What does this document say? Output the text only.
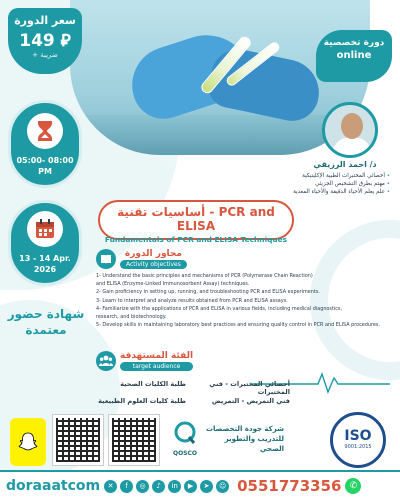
سعر الدورة
149 ⃁
+ ضريبة
05:00- 08:00 PM
13 - 14 Apr. 2026
شهادة حضور معتمدة
دورة تخصصية
online
د/ احمد الرزيقي
• أخصائي المختبرات الطبية الإكلينيكية
• مهتم بطرق التشخيص الجزيئي
• علم يعلم الأحياء الدقيقة والأحياء المعدية
أساسيات تقنية - PCR and ELISA
Fundamentals of PCR and ELISA Techniques
محاور الدورة
Activity objectives
1- Understand the basic principles and mechanisms of PCR (Polymerase Chain Reaction)
and ELISA (Enzyme-Linked Immunosorbent Assay) techniques.
2- Gain proficiency in setting up, running, and troubleshooting PCR and ELISA experiments.
3- Learn to interpret and analyze results obtained from PCR and ELISA assays.
4- Familiarize with the applications of PCR and ELISA in various fields, including medical diagnostics,
research, and biotechnology.
5- Develop skills in maintaining laboratory best practices and ensuring quality control in PCR and ELISA procedures.
الفئة المستهدفة
target audience
أخصائي المختبرات - فني المختبرات
طلبة الكليات الصحية
فني التمريض - التمريض
طلبة كليات العلوم الطبيعية
QOSCO
شركة جودة التخصصات للتدريب والتطوير الصحي
ISO
9001:2015
doraaatcom	✕	f	◎	♪	in	▶	➤	☺ 0551773356 ✆
